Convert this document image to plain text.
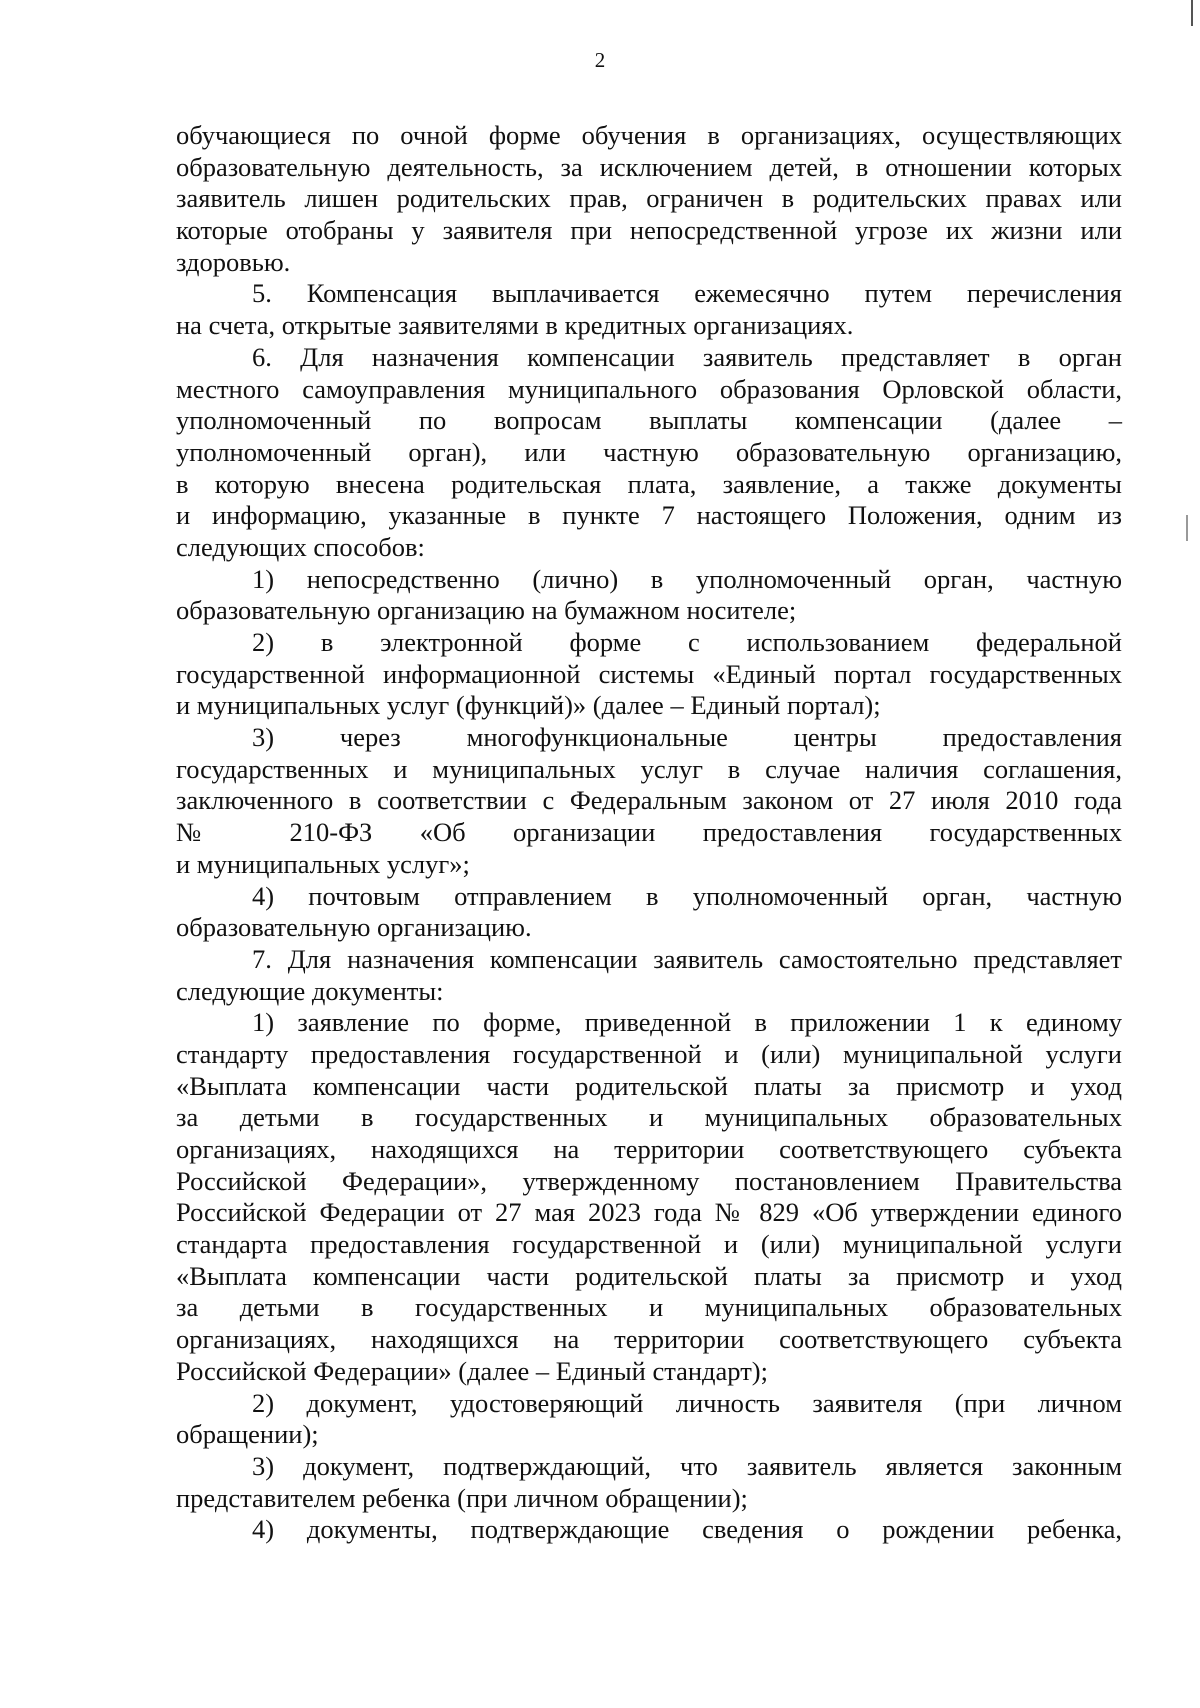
2
обучающиеся по очной форме обучения в организациях, осуществляющих
образовательную деятельность, за исключением детей, в отношении которых
заявитель лишен родительских прав, ограничен в родительских правах или
которые отобраны у заявителя при непосредственной угрозе их жизни или
здоровью.
5. Компенсация выплачивается ежемесячно путем перечисления
на счета, открытые заявителями в кредитных организациях.
6. Для назначения компенсации заявитель представляет в орган
местного самоуправления муниципального образования Орловской области,
уполномоченный по вопросам выплаты компенсации (далее –
уполномоченный орган), или частную образовательную организацию,
в которую внесена родительская плата, заявление, а также документы
и информацию, указанные в пункте 7 настоящего Положения, одним из
следующих способов:
1) непосредственно (лично) в уполномоченный орган, частную
образовательную организацию на бумажном носителе;
2) в электронной форме с использованием федеральной
государственной информационной системы «Единый портал государственных
и муниципальных услуг (функций)» (далее – Единый портал);
3) через многофункциональные центры предоставления
государственных и муниципальных услуг в случае наличия соглашения,
заключенного в соответствии с Федеральным законом от 27 июля 2010 года
№ 210-ФЗ «Об организации предоставления государственных
и муниципальных услуг»;
4) почтовым отправлением в уполномоченный орган, частную
образовательную организацию.
7. Для назначения компенсации заявитель самостоятельно представляет
следующие документы:
1) заявление по форме, приведенной в приложении 1 к единому
стандарту предоставления государственной и (или) муниципальной услуги
«Выплата компенсации части родительской платы за присмотр и уход
за детьми в государственных и муниципальных образовательных
организациях, находящихся на территории соответствующего субъекта
Российской Федерации», утвержденному постановлением Правительства
Российской Федерации от 27 мая 2023 года № 829 «Об утверждении единого
стандарта предоставления государственной и (или) муниципальной услуги
«Выплата компенсации части родительской платы за присмотр и уход
за детьми в государственных и муниципальных образовательных
организациях, находящихся на территории соответствующего субъекта
Российской Федерации» (далее – Единый стандарт);
2) документ, удостоверяющий личность заявителя (при личном
обращении);
3) документ, подтверждающий, что заявитель является законным
представителем ребенка (при личном обращении);
4) документы, подтверждающие сведения о рождении ребенка,
